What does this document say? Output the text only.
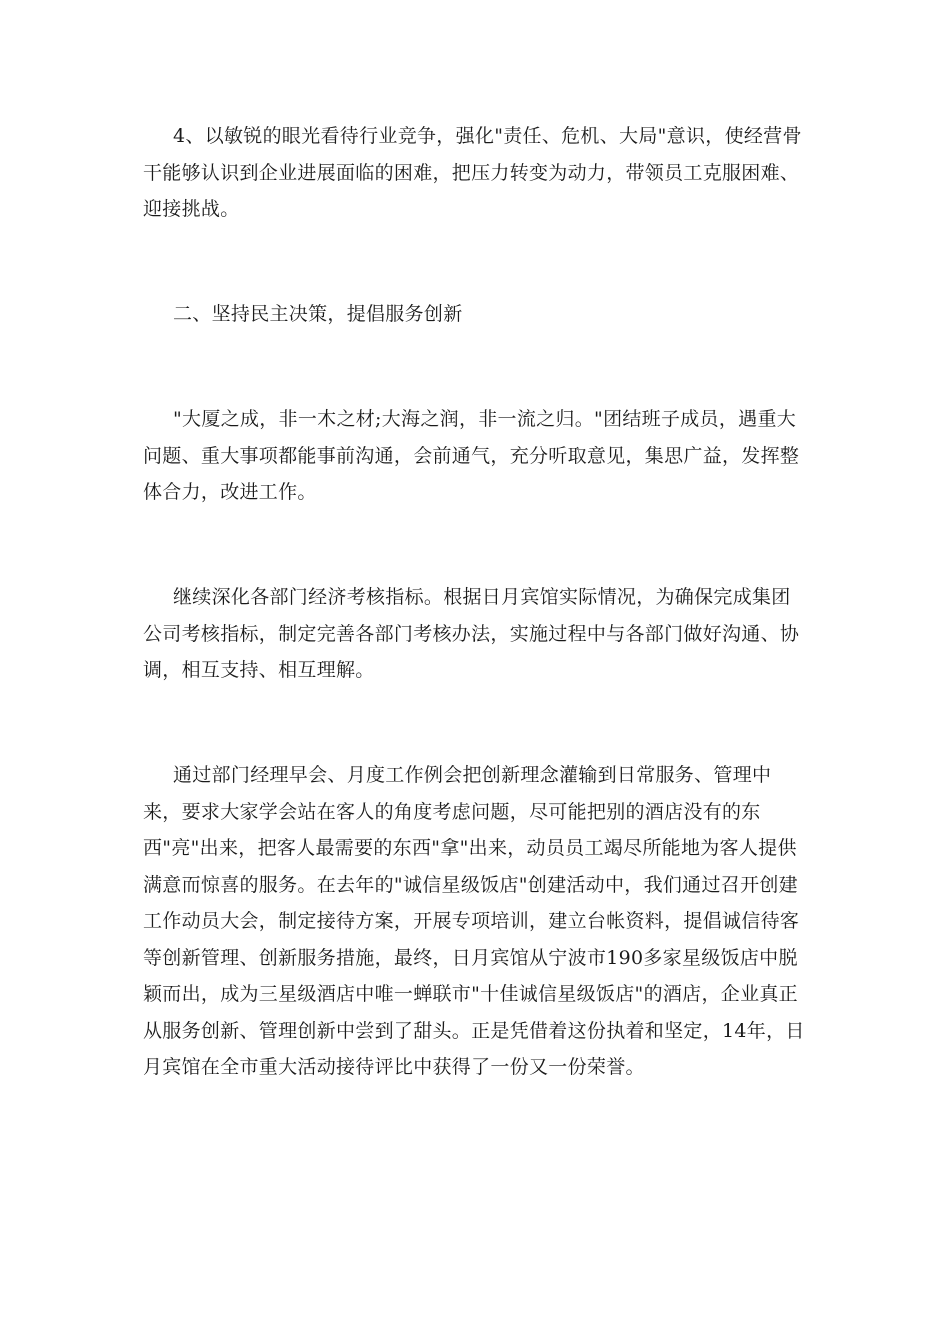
4、以敏锐的眼光看待行业竞争，强化"责任、危机、大局"意识，使经营骨干能够认识到企业进展面临的困难，把压力转变为动力，带领员工克服困难、迎接挑战。

二、坚持民主决策，提倡服务创新

"大厦之成，非一木之材;大海之润，非一流之归。"团结班子成员，遇重大问题、重大事项都能事前沟通，会前通气，充分听取意见，集思广益，发挥整体合力，改进工作。

继续深化各部门经济考核指标。根据日月宾馆实际情况，为确保完成集团公司考核指标，制定完善各部门考核办法，实施过程中与各部门做好沟通、协调，相互支持、相互理解。

通过部门经理早会、月度工作例会把创新理念灌输到日常服务、管理中来，要求大家学会站在客人的角度考虑问题，尽可能把别的酒店没有的东西"亮"出来，把客人最需要的东西"拿"出来，动员员工竭尽所能地为客人提供满意而惊喜的服务。在去年的"诚信星级饭店"创建活动中，我们通过召开创建工作动员大会，制定接待方案，开展专项培训，建立台帐资料，提倡诚信待客等创新管理、创新服务措施，最终，日月宾馆从宁波市190多家星级饭店中脱颖而出，成为三星级酒店中唯一蝉联市"十佳诚信星级饭店"的酒店，企业真正从服务创新、管理创新中尝到了甜头。正是凭借着这份执着和坚定，14年，日月宾馆在全市重大活动接待评比中获得了一份又一份荣誉。
